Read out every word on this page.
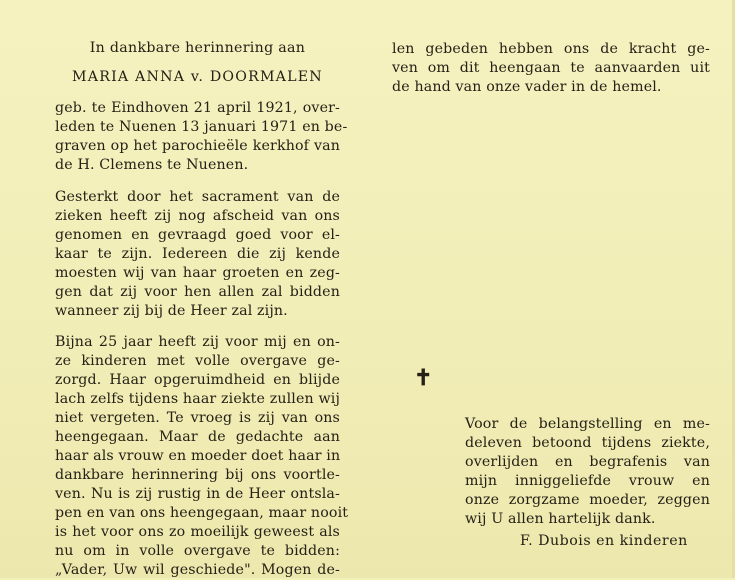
In dankbare herinnering aan
MARIA ANNA v. DOORMALEN
geb. te Eindhoven 21 april 1921, over-
leden te Nuenen 13 januari 1971 en be-
graven op het parochieële kerkhof van
de H. Clemens te Nuenen.
Gesterkt door het sacrament van de
zieken heeft zij nog afscheid van ons
genomen en gevraagd goed voor el-
kaar te zijn. Iedereen die zij kende
moesten wij van haar groeten en zeg-
gen dat zij voor hen allen zal bidden
wanneer zij bij de Heer zal zijn.
Bijna 25 jaar heeft zij voor mij en on-
ze kinderen met volle overgave ge-
zorgd. Haar opgeruimdheid en blijde
lach zelfs tijdens haar ziekte zullen wij
niet vergeten. Te vroeg is zij van ons
heengegaan. Maar de gedachte aan
haar als vrouw en moeder doet haar in
dankbare herinnering bij ons voortle-
ven. Nu is zij rustig in de Heer ontsla-
pen en van ons heengegaan, maar nooit
is het voor ons zo moeilijk geweest als
nu om in volle overgave te bidden:
„Vader, Uw wil geschiede". Mogen de-
len gebeden hebben ons de kracht ge-
ven om dit heengaan te aanvaarden uit
de hand van onze vader in de hemel.
✝
Voor de belangstelling en me-
deleven betoond tijdens ziekte,
overlijden en begrafenis van
mijn inniggeliefde vrouw en
onze zorgzame moeder, zeggen
wij U allen hartelijk dank.
F. Dubois en kinderen
